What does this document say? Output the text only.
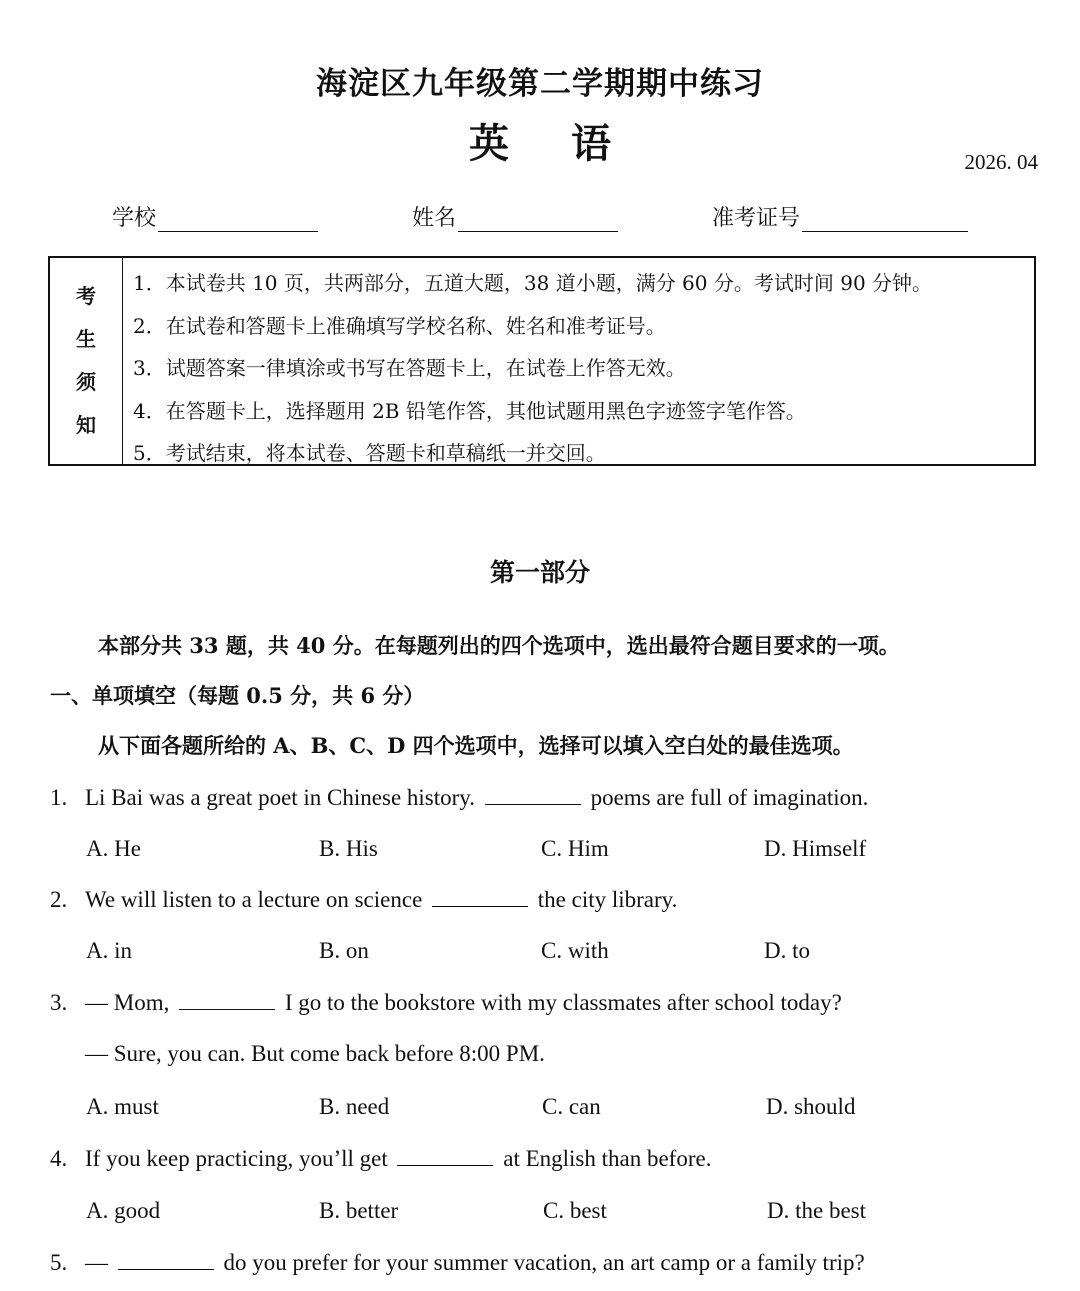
海淀区九年级第二学期期中练习
英 语	2026. 04
学校	姓名	准考证号
考
生
须
知
1．本试卷共 10 页，共两部分，五道大题，38 道小题，满分 60 分。考试时间 90 分钟。
2．在试卷和答题卡上准确填写学校名称、姓名和准考证号。
3．试题答案一律填涂或书写在答题卡上，在试卷上作答无效。
4．在答题卡上，选择题用 2B 铅笔作答，其他试题用黑色字迹签字笔作答。
5．考试结束，将本试卷、答题卡和草稿纸一并交回。
第一部分
本部分共 33 题，共 40 分。在每题列出的四个选项中，选出最符合题目要求的一项。
一、单项填空（每题 0.5 分，共 6 分）
从下面各题所给的 A、B、C、D 四个选项中，选择可以填入空白处的最佳选项。
1. Li Bai was a great poet in Chinese history.	poems are full of imagination.
A. He	B. His	C. Him	D. Himself
2. We will listen to a lecture on science	the city library.
A. in	B. on	C. with	D. to
3. — Mom,	I go to the bookstore with my classmates after school today?
— Sure, you can. But come back before 8:00 PM.
A. must	B. need	C. can	D. should
4. If you keep practicing, you’ll get	at English than before.
A. good	B. better	C. best	D. the best
5. —	do you prefer for your summer vacation, an art camp or a family trip?
